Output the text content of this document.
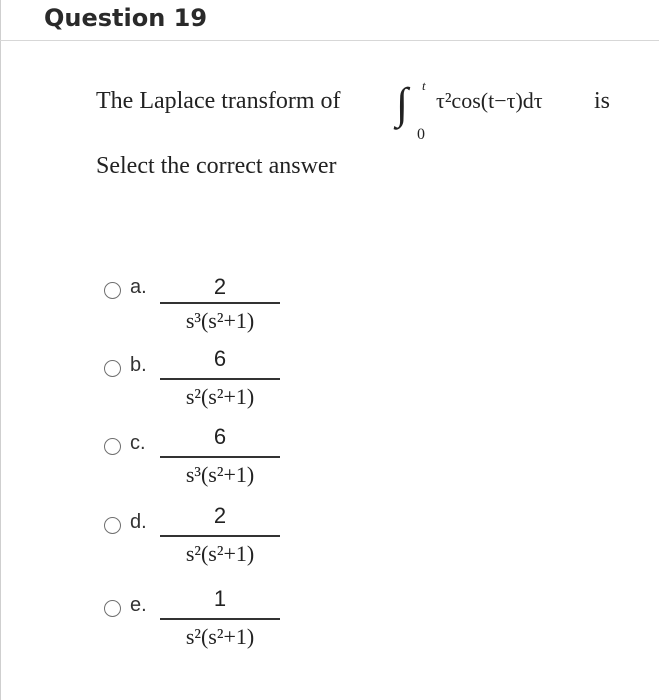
Question 19
The Laplace transform of ∫ t
0
τ²cos(t−τ)dτ is
Select the correct answer
a.	2
s³(s²+1)
b.	6
s²(s²+1)
c.	6
s³(s²+1)
d.	2
s²(s²+1)
e.	1
s²(s²+1)
